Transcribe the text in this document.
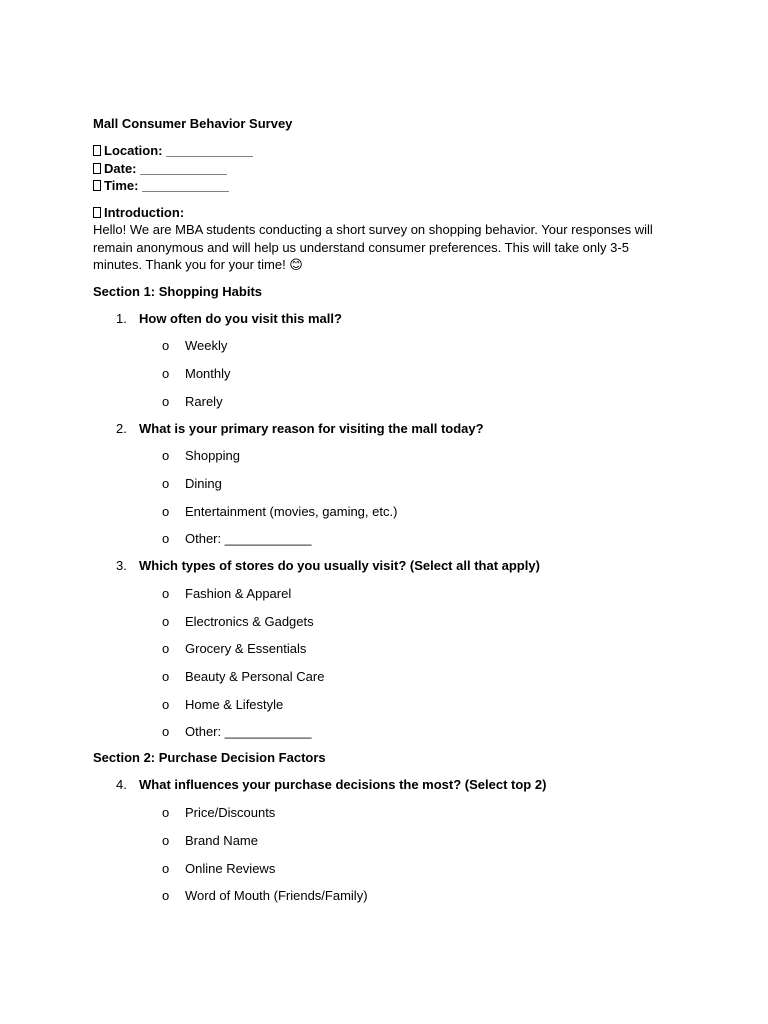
Mall Consumer Behavior Survey
Location: ____________
Date: ____________
Time: ____________
Introduction:

Hello! We are MBA students conducting a short survey on shopping behavior. Your responses will remain anonymous and will help us understand consumer preferences. This will take only 3-5 minutes. Thank you for your time! 😊

Section 1: Shopping Habits
1. How often do you visit this mall?
o Weekly
o Monthly
o Rarely
2. What is your primary reason for visiting the mall today?
o Shopping
o Dining
o Entertainment (movies, gaming, etc.)
o Other: ____________
3. Which types of stores do you usually visit? (Select all that apply)
o Fashion & Apparel
o Electronics & Gadgets
o Grocery & Essentials
o Beauty & Personal Care
o Home & Lifestyle
o Other: ____________
Section 2: Purchase Decision Factors
4. What influences your purchase decisions the most? (Select top 2)
o Price/Discounts
o Brand Name
o Online Reviews
o Word of Mouth (Friends/Family)
